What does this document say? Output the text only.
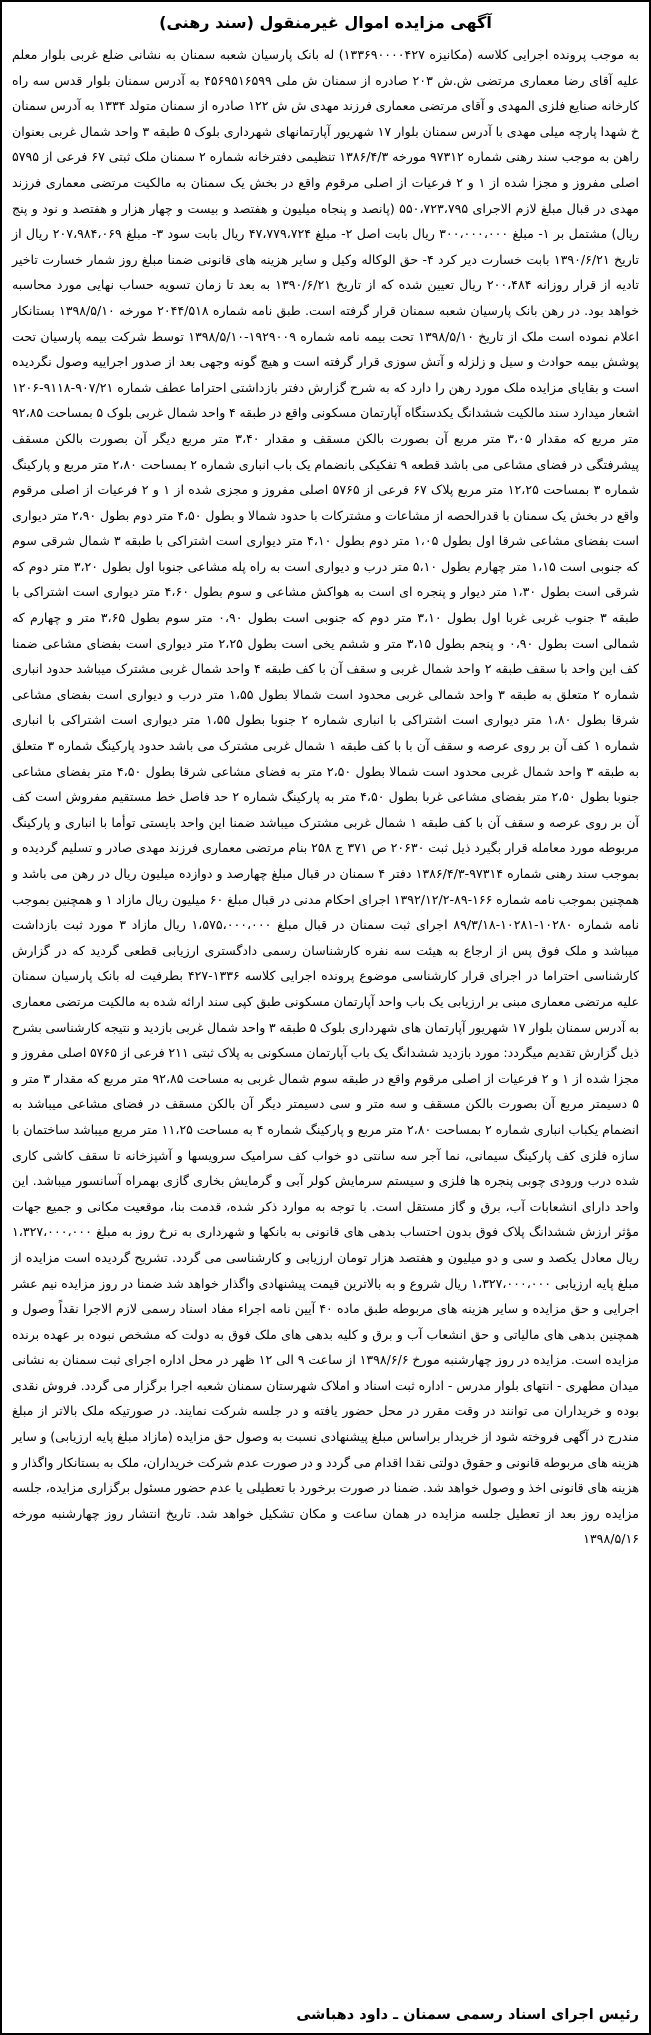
آگهی مزایده اموال غیرمنقول (سند رهنی)

به موجب پرونده اجرایی کلاسه (مکانیزه ۱۳۳۶۹۰۰۰۰۴۲۷) له بانک پارسیان شعبه سمنان به نشانی ضلع غربی بلوار معلم علیه آقای رضا معماری مرتضی ش.ش ۲۰۳ صادره از سمنان ش ملی ۴۵۶۹۵۱۶۵۹۹ به آدرس سمنان بلوار قدس سه راه کارخانه صنایع فلزی المهدی و آقای مرتضی معماری فرزند مهدی ش ش ۱۲۲ صادره از سمنان متولد ۱۳۳۴ به آدرس سمنان خ شهدا پارچه میلی مهدی با آدرس سمنان بلوار ۱۷ شهریور آپارتمانهای شهرداری بلوک ۵ طبقه ۳ واحد شمال غربی بعنوان راهن به موجب سند رهنی شماره ۹۷۳۱۲ مورخه ۱۳۸۶/۴/۳ تنظیمی دفترخانه شماره ۲ سمنان ملک ثبتی ۶۷ فرعی از ۵۷۹۵ اصلی مفروز و مجزا شده از ۱ و ۲ فرعیات از اصلی مرقوم واقع در بخش یک سمنان به مالکیت مرتضی معماری فرزند مهدی در قبال مبلغ لازم الاجرای ۵۵۰،۷۲۳،۷۹۵ (پانصد و پنجاه میلیون و هفتصد و بیست و چهار هزار و هفتصد و نود و پنج ریال) مشتمل بر ۱- مبلغ ۳۰۰،۰۰۰،۰۰۰ ریال بابت اصل ۲- مبلغ ۴۷،۷۷۹،۷۲۴ ریال بابت سود ۳- مبلغ ۲۰۷،۹۸۴،۰۶۹ ریال از تاریخ ۱۳۹۰/۶/۲۱ بابت خسارت دیر کرد ۴- حق الوکاله وکیل و سایر هزینه های قانونی ضمنا مبلغ روز شمار خسارت تاخیر تادیه از قرار روزانه ۲۰۰،۴۸۴ ریال تعیین شده که از تاریخ ۱۳۹۰/۶/۲۱ به بعد تا زمان تسویه حساب نهایی مورد محاسبه خواهد بود. در رهن بانک پارسیان شعبه سمنان قرار گرفته است. طبق نامه شماره ۲۰۴۴/۵۱۸ مورخه ۱۳۹۸/۵/۱۰ بستانکار اعلام نموده است ملک از تاریخ ۱۳۹۸/۵/۱۰ تحت بیمه نامه شماره ۱۹۲۹۰۰۹-۱۳۹۸/۵/۱۰ توسط شرکت بیمه پارسیان تحت پوشش بیمه حوادث و سیل و زلزله و آتش سوزی قرار گرفته است و هیچ گونه وجهی بعد از صدور اجراییه وصول نگردیده است و بقایای مزایده ملک مورد رهن را دارد که به شرح گزارش دفتر بازداشتی احتراما عطف شماره ۹۰۷/۲۱-۹۱۱۸-۱۲۰۶ اشعار میدارد سند مالکیت ششدانگ یکدستگاه آپارتمان مسکونی واقع در طبقه ۴ واحد شمال غربی بلوک ۵ بمساحت ۹۲،۸۵ متر مربع که مقدار ۳،۰۵ متر مربع آن بصورت بالکن مسقف و مقدار ۳،۴۰ متر مربع دیگر آن بصورت بالکن مسقف پیشرفتگی در فضای مشاعی می باشد قطعه ۹ تفکیکی بانضمام یک باب انباری شماره ۲ بمساحت ۲،۸۰ متر مربع و پارکینگ شماره ۳ بمساحت ۱۲،۲۵ متر مربع پلاک ۶۷ فرعی از ۵۷۶۵ اصلی مفروز و مجزی شده از ۱ و ۲ فرعیات از اصلی مرقوم واقع در بخش یک سمنان با قدرالحصه از مشاعات و مشترکات با حدود شمالا و بطول ۴،۵۰ متر دوم بطول ۲،۹۰ متر دیواری است بفضای مشاعی شرقا اول بطول ۱،۰۵ متر دوم بطول ۴،۱۰ متر دیواری است اشتراکی با طبقه ۳ شمال شرقی سوم که جنوبی است ۱،۱۵ متر چهارم بطول ۵،۱۰ متر درب و دیواری است به راه پله مشاعی جنوبا اول بطول ۳،۲۰ متر دوم که شرقی است بطول ۱،۳۰ متر دیوار و پنجره ای است به هواکش مشاعی و سوم بطول ۴،۶۰ متر دیواری است اشتراکی با طبقه ۳ جنوب غربی غربا اول بطول ۳،۱۰ متر دوم که جنوبی است بطول ۰،۹۰ متر سوم بطول ۳،۶۵ متر و چهارم که شمالی است بطول ۰،۹۰ و پنجم بطول ۳،۱۵ متر و ششم یخی است بطول ۲،۲۵ متر دیواری است بفضای مشاعی ضمنا کف این واحد با سقف طبقه ۲ واحد شمال غربی و سقف آن با کف طبقه ۴ واحد شمال غربی مشترک میباشد حدود انباری شماره ۲ متعلق به طبقه ۳ واحد شمالی غربی محدود است شمالا بطول ۱،۵۵ متر درب و دیواری است بفضای مشاعی شرقا بطول ۱،۸۰ متر دیواری است اشتراکی با انباری شماره ۲ جنوبا بطول ۱،۵۵ متر دیواری است اشتراکی با انباری شماره ۱ کف آن بر روی عرصه و سقف آن با با کف طبقه ۱ شمال غربی مشترک می باشد حدود پارکینگ شماره ۳ متعلق به طبقه ۳ واحد شمال غربی محدود است شمالا بطول ۲،۵۰ متر به فضای مشاعی شرقا بطول ۴،۵۰ متر بفضای مشاعی جنوبا بطول ۲،۵۰ متر بفضای مشاعی غربا بطول ۴،۵۰ متر به پارکینگ شماره ۲ حد فاصل خط مستقیم مفروش است کف آن بر روی عرصه و سقف آن با کف طبقه ۱ شمال غربی مشترک میباشد ضمنا این واحد بایستی توأما با انباری و پارکینگ مربوطه مورد معامله قرار بگیرد ذیل ثبت ۲۰۶۳۰ ص ۳۷۱ ج ۲۵۸ بنام مرتضی معماری فرزند مهدی صادر و تسلیم گردیده و بموجب سند رهنی شماره ۹۷۳۱۴-۱۳۸۶/۴/۳ دفتر ۴ سمنان در قبال مبلغ چهارصد و دوازده میلیون ریال در رهن می باشد و همچنین بموجب نامه شماره ۱۶۶-۸۹-۱۳۹۲/۱۲/۲ اجرای احکام مدنی در قبال مبلغ ۶۰ میلیون ریال مازاد ۱ و همچنین بموجب نامه شماره ۱۰۲۸۰-۱۰۲۸۱-۸۹/۳/۱۸ اجرای ثبت سمنان در قبال مبلغ ۱،۵۷۵،۰۰۰،۰۰۰ ریال مازاد ۳ مورد ثبت بازداشت میباشد و ملک فوق پس از ارجاع به هیئت سه نفره کارشناسان رسمی دادگستری ارزیابی قطعی گردید که در گزارش کارشناسی احتراما در اجرای قرار کارشناسی موضوع پرونده اجرایی کلاسه ۱۳۳۶-۴۲۷ بطرفیت له بانک پارسیان سمنان علیه مرتضی معماری مبنی بر ارزیابی یک باب واحد آپارتمان مسکونی طبق کپی سند ارائه شده به مالکیت مرتضی معماری به آدرس سمنان بلوار ۱۷ شهریور آپارتمان های شهرداری بلوک ۵ طبقه ۳ واحد شمال غربی بازدید و نتیجه کارشناسی بشرح ذیل گزارش تقدیم میگردد: مورد بازدید ششدانگ یک باب آپارتمان مسکونی به پلاک ثبتی ۲۱۱ فرعی از ۵۷۶۵ اصلی مفروز و مجزا شده از ۱ و ۲ فرعیات از اصلی مرقوم واقع در طبقه سوم شمال غربی به مساحت ۹۲،۸۵ متر مربع که مقدار ۳ متر و ۵ دسیمتر مربع آن بصورت بالکن مسقف و سه متر و سی دسیمتر دیگر آن بالکن مسقف در فضای مشاعی میباشد به انضمام یکباب انباری شماره ۲ بمساحت ۲،۸۰ متر مربع و پارکینگ شماره ۴ به مساحت ۱۱،۲۵ متر مربع میباشد ساختمان با سازه فلزی کف پارکینگ سیمانی، نما آجر سه سانتی دو خواب کف سرامیک سرویسها و آشپزخانه تا سقف کاشی کاری شده درب ورودی چوبی پنجره ها فلزی و سیستم سرمایش کولر آبی و گرمایش بخاری گازی بهمراه آسانسور میباشد. این واحد دارای انشعابات آب، برق و گاز مستقل است. با توجه به موارد ذکر شده، قدمت بنا، موقعیت مکانی و جمیع جهات مؤثر ارزش ششدانگ پلاک فوق بدون احتساب بدهی های قانونی به بانکها و شهرداری به نرخ روز به مبلغ ۱،۳۲۷،۰۰۰،۰۰۰ ریال معادل یکصد و سی و دو میلیون و هفتصد هزار تومان ارزیابی و کارشناسی می گردد. تشریح گردیده است مزایده از مبلغ پایه ارزیابی ۱،۳۲۷،۰۰۰،۰۰۰ ریال شروع و به بالاترین قیمت پیشنهادی واگذار خواهد شد ضمنا در روز مزایده نیم عشر اجرایی و حق مزایده و سایر هزینه های مربوطه طبق ماده ۴۰ آیین نامه اجراء مفاد اسناد رسمی لازم الاجرا نقداً وصول و همچنین بدهی های مالیاتی و حق انشعاب آب و برق و کلیه بدهی های ملک فوق به دولت که مشخص نبوده بر عهده برنده مزایده است. مزایده در روز چهارشنبه مورخ ۱۳۹۸/۶/۶ از ساعت ۹ الی ۱۲ ظهر در محل اداره اجرای ثبت سمنان به نشانی میدان مطهری - انتهای بلوار مدرس - اداره ثبت اسناد و املاک شهرستان سمنان شعبه اجرا برگزار می گردد. فروش نقدی بوده و خریداران می توانند در وقت مقرر در محل حضور یافته و در جلسه شرکت نمایند. در صورتیکه ملک بالاتر از مبلغ مندرج در آگهی فروخته شود از خریدار براساس مبلغ پیشنهادی نسبت به وصول حق مزایده (مازاد مبلغ پایه ارزیابی) و سایر هزینه های مربوطه قانونی و حقوق دولتی نقدا اقدام می گردد و در صورت عدم شرکت خریداران، ملک به بستانکار واگذار و هزینه های قانونی اخذ و وصول خواهد شد. ضمنا در صورت برخورد با تعطیلی یا عدم حضور مسئول برگزاری مزایده، جلسه مزایده روز بعد از تعطیل جلسه مزایده در همان ساعت و مکان تشکیل خواهد شد. تاریخ انتشار روز چهارشنبه مورخه ۱۳۹۸/۵/۱۶

رئیس اجرای اسناد رسمی سمنان ـ داود دهباشی
